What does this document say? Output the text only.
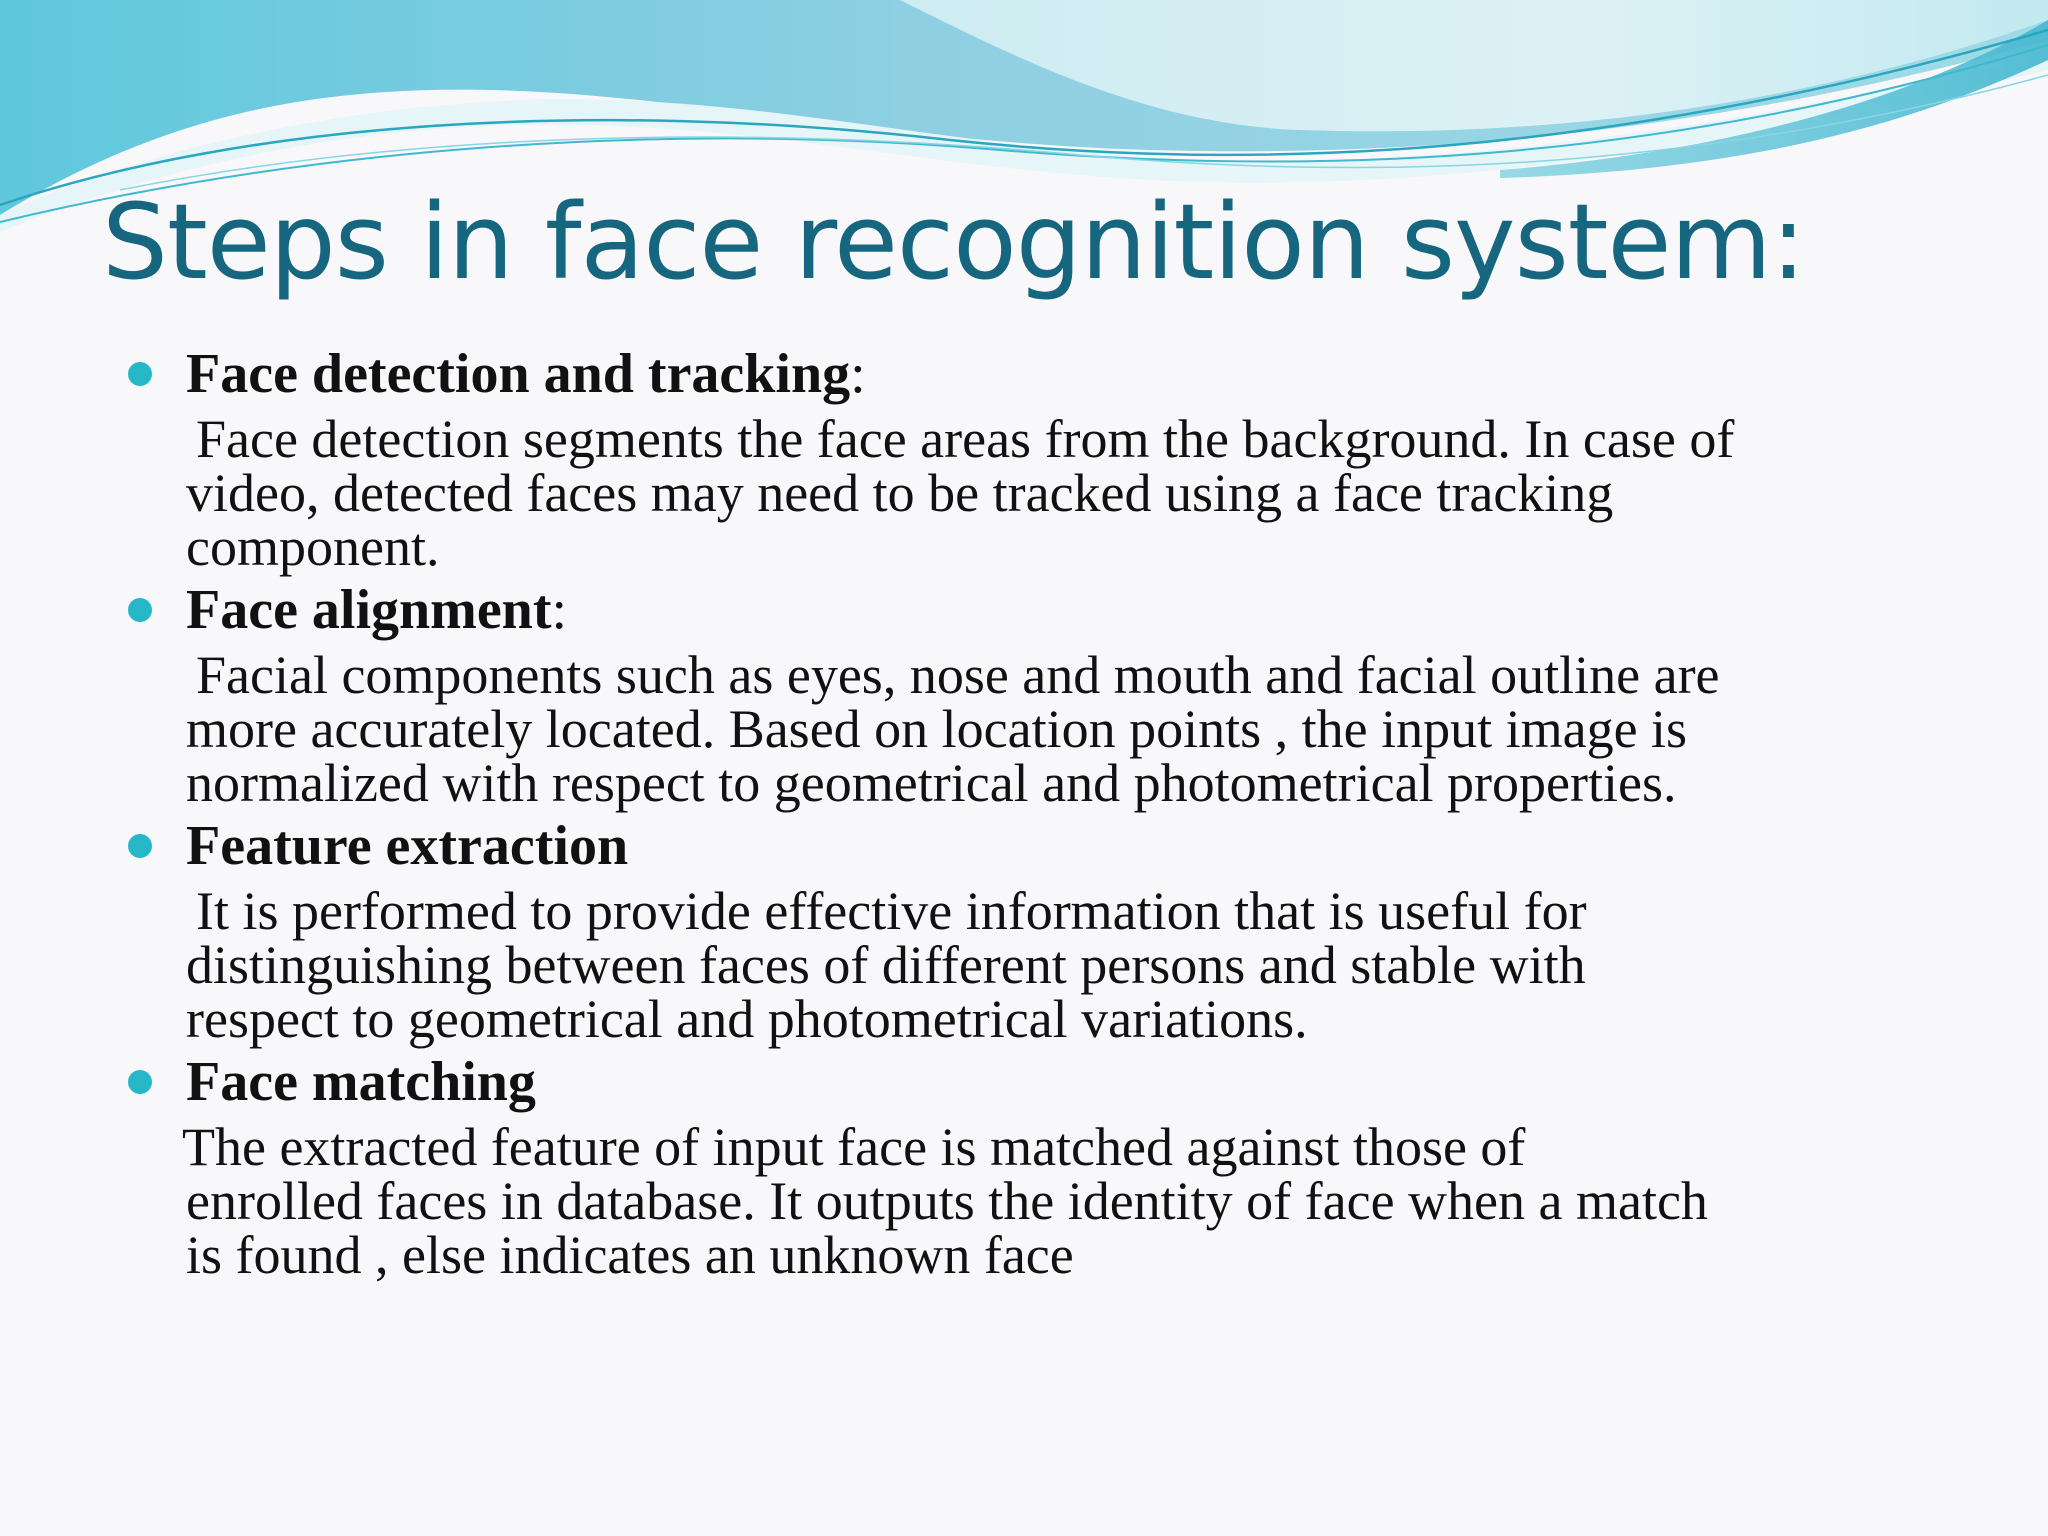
Steps in face recognition system:
Face detection and tracking:

Face detection segments the face areas from the background. In case of
video, detected faces may need to be tracked using a face tracking
component.

Face alignment:

Facial components such as eyes, nose and mouth and facial outline are
more accurately located. Based on location points , the input image is
normalized with respect to geometrical and photometrical properties.

Feature extraction

It is performed to provide effective information that is useful for
distinguishing between faces of different persons and stable with
respect to geometrical and photometrical variations.

Face matching

The extracted feature of input face is matched against those of
enrolled faces in database. It outputs the identity of face when a match
is found , else indicates an unknown face
